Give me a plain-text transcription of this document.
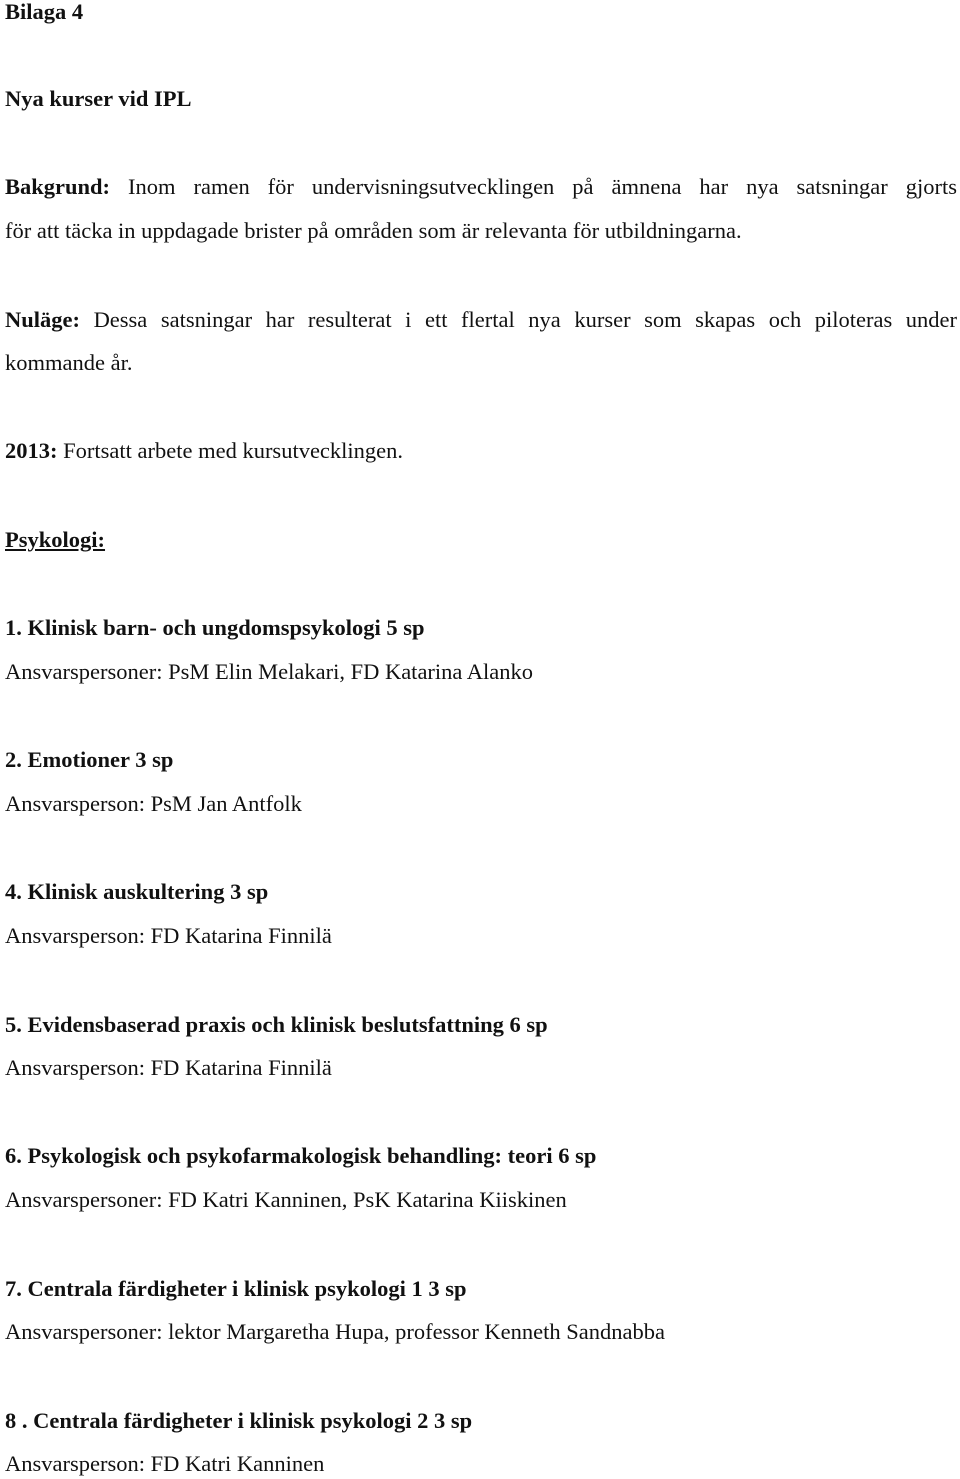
Bilaga 4
Nya kurser vid IPL
Bakgrund: Inom ramen för undervisningsutvecklingen på ämnena har nya satsningar gjorts
för att täcka in uppdagade brister på områden som är relevanta för utbildningarna.
Nuläge: Dessa satsningar har resulterat i ett flertal nya kurser som skapas och piloteras under
kommande år.
2013: Fortsatt arbete med kursutvecklingen.
Psykologi:
1. Klinisk barn- och ungdomspsykologi 5 sp
Ansvarspersoner: PsM Elin Melakari, FD Katarina Alanko
2. Emotioner 3 sp
Ansvarsperson: PsM Jan Antfolk
4. Klinisk auskultering 3 sp
Ansvarsperson: FD Katarina Finnilä
5. Evidensbaserad praxis och klinisk beslutsfattning 6 sp
Ansvarsperson: FD Katarina Finnilä
6. Psykologisk och psykofarmakologisk behandling: teori 6 sp
Ansvarspersoner: FD Katri Kanninen, PsK Katarina Kiiskinen
7. Centrala färdigheter i klinisk psykologi 1 3 sp
Ansvarspersoner: lektor Margaretha Hupa, professor Kenneth Sandnabba
8 . Centrala färdigheter i klinisk psykologi 2 3 sp
Ansvarsperson: FD Katri Kanninen
